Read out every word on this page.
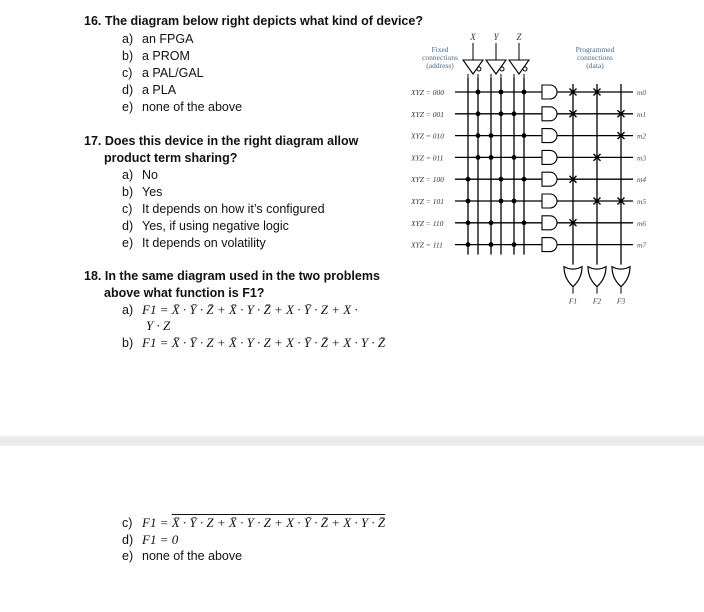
16. The diagram below right depicts what kind of device?
a) an FPGA
b) a PROM
c) a PAL/GAL
d) a PLA
e) none of the above
17. Does this device in the right diagram allow
product term sharing?
a) No
b) Yes
c) It depends on how it’s configured
d) Yes, if using negative logic
e) It depends on volatility
18. In the same diagram used in the two problems
above what function is F1?
a) F1 = X̄ · Ȳ · Z̄ + X̄ · Y · Z̄ + X · Ȳ · Z + X ·
Y · Z
b) F1 = X̄ · Ȳ · Z + X̄ · Y · Z + X · Ȳ · Z̄ + X · Y · Z̄
X Y Z
XYZ = 000	m0
XYZ = 001	m1
XYZ = 010	m2
XYZ = 011	m3
XYZ = 100	m4
XYZ = 101	m5
XYZ = 110	m6
XYZ = 111	m7
F1 F2 F3
Fixed
connections
(address)
Programmed
connections
(data)
c) F1 = X̄ · Ȳ · Z + X̄ · Y · Z + X · Ȳ · Z̄ + X · Y · Z̄
d) F1 = 0
e) none of the above
